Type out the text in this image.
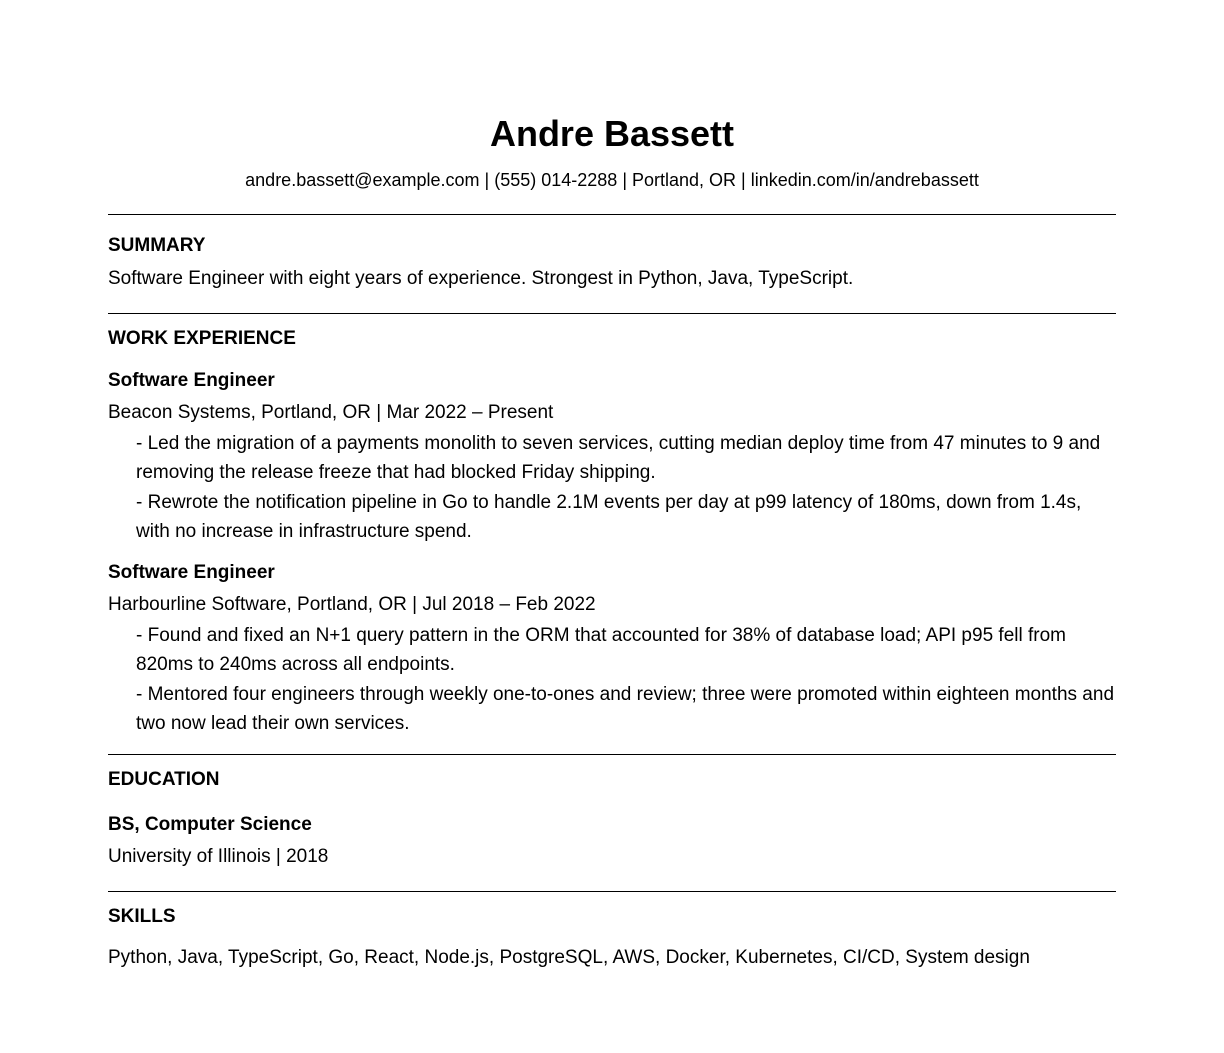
Andre Bassett
andre.bassett@example.com | (555) 014-2288 | Portland, OR | linkedin.com/in/andrebassett
SUMMARY
Software Engineer with eight years of experience. Strongest in Python, Java, TypeScript.
WORK EXPERIENCE
Software Engineer
Beacon Systems, Portland, OR | Mar 2022 – Present
- Led the migration of a payments monolith to seven services, cutting median deploy time from 47 minutes to 9 and removing the release freeze that had blocked Friday shipping.
- Rewrote the notification pipeline in Go to handle 2.1M events per day at p99 latency of 180ms, down from 1.4s, with no increase in infrastructure spend.
Software Engineer
Harbourline Software, Portland, OR | Jul 2018 – Feb 2022
- Found and fixed an N+1 query pattern in the ORM that accounted for 38% of database load; API p95 fell from 820ms to 240ms across all endpoints.
- Mentored four engineers through weekly one-to-ones and review; three were promoted within eighteen months and two now lead their own services.
EDUCATION
BS, Computer Science
University of Illinois | 2018
SKILLS
Python, Java, TypeScript, Go, React, Node.js, PostgreSQL, AWS, Docker, Kubernetes, CI/CD, System design
